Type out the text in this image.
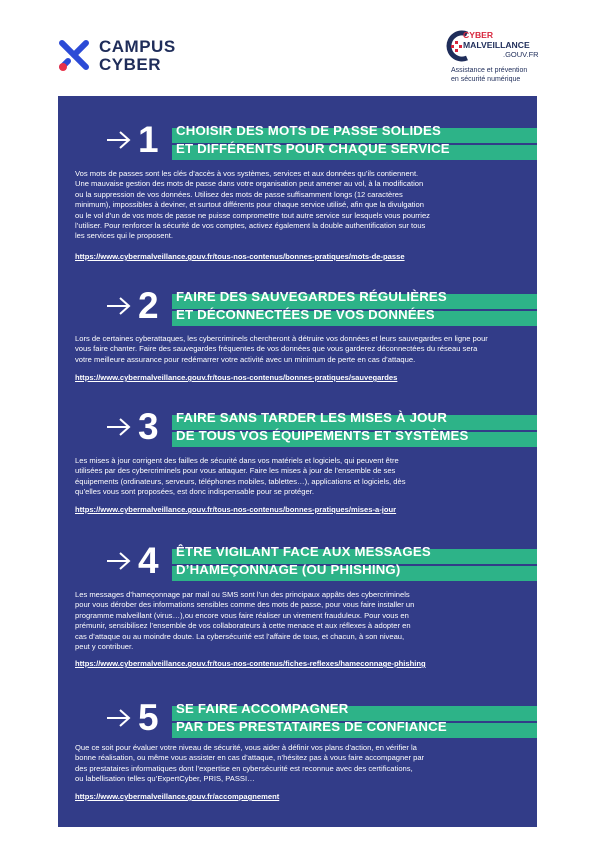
CAMPUS
CYBER
CYBER
MALVEILLANCE
.GOUV.FR
Assistance et prévention
en sécurité numérique
1 CHOISIR DES MOTS DE PASSE SOLIDES
ET DIFFÉRENTS POUR CHAQUE SERVICE
Vos mots de passes sont les clés d’accès à vos systèmes, services et aux données qu’ils contiennent.
Une mauvaise gestion des mots de passe dans votre organisation peut amener au vol, à la modification
ou la suppression de vos données. Utilisez des mots de passe suffisamment longs (12 caractères
minimum), impossibles à deviner, et surtout différents pour chaque service utilisé, afin que la divulgation
ou le vol d’un de vos mots de passe ne puisse compromettre tout autre service sur lesquels vous pourriez
l’utiliser. Pour renforcer la sécurité de vos comptes, activez également la double authentification sur tous
les services qui le proposent.
https://www.cybermalveillance.gouv.fr/tous-nos-contenus/bonnes-pratiques/mots-de-passe
2 FAIRE DES SAUVEGARDES RÉGULIÈRES
ET DÉCONNECTÉES DE VOS DONNÉES
Lors de certaines cyberattaques, les cybercriminels chercheront à détruire vos données et leurs sauvegardes en ligne pour
vous faire chanter. Faire des sauvegardes fréquentes de vos données que vous garderez déconnectées du réseau sera
votre meilleure assurance pour redémarrer votre activité avec un minimum de perte en cas d’attaque.
https://www.cybermalveillance.gouv.fr/tous-nos-contenus/bonnes-pratiques/sauvegardes
3 FAIRE SANS TARDER LES MISES À JOUR
DE TOUS VOS ÉQUIPEMENTS ET SYSTÈMES
Les mises à jour corrigent des failles de sécurité dans vos matériels et logiciels, qui peuvent être
utilisées par des cybercriminels pour vous attaquer. Faire les mises à jour de l’ensemble de ses
équipements (ordinateurs, serveurs, téléphones mobiles, tablettes…), applications et logiciels, dès
qu’elles vous sont proposées, est donc indispensable pour se protéger.
https://www.cybermalveillance.gouv.fr/tous-nos-contenus/bonnes-pratiques/mises-a-jour
4 ÊTRE VIGILANT FACE AUX MESSAGES
D’HAMEÇONNAGE (OU PHISHING)
Les messages d’hameçonnage par mail ou SMS sont l’un des principaux appâts des cybercriminels
pour vous dérober des informations sensibles comme des mots de passe, pour vous faire installer un
programme malveillant (virus…),ou encore vous faire réaliser un virement frauduleux. Pour vous en
prémunir, sensibilisez l’ensemble de vos collaborateurs à cette menace et aux réflexes à adopter en
cas d’attaque ou au moindre doute. La cybersécurité est l’affaire de tous, et chacun, à son niveau,
peut y contribuer.
https://www.cybermalveillance.gouv.fr/tous-nos-contenus/fiches-reflexes/hameconnage-phishing
5 SE FAIRE ACCOMPAGNER
PAR DES PRESTATAIRES DE CONFIANCE
Que ce soit pour évaluer votre niveau de sécurité, vous aider à définir vos plans d’action, en vérifier la
bonne réalisation, ou même vous assister en cas d’attaque, n’hésitez pas à vous faire accompagner par
des prestataires informatiques dont l’expertise en cybersécurité est reconnue avec des certifications,
ou labellisation telles qu’ExpertCyber, PRIS, PASSI…
https://www.cybermalveillance.gouv.fr/accompagnement
